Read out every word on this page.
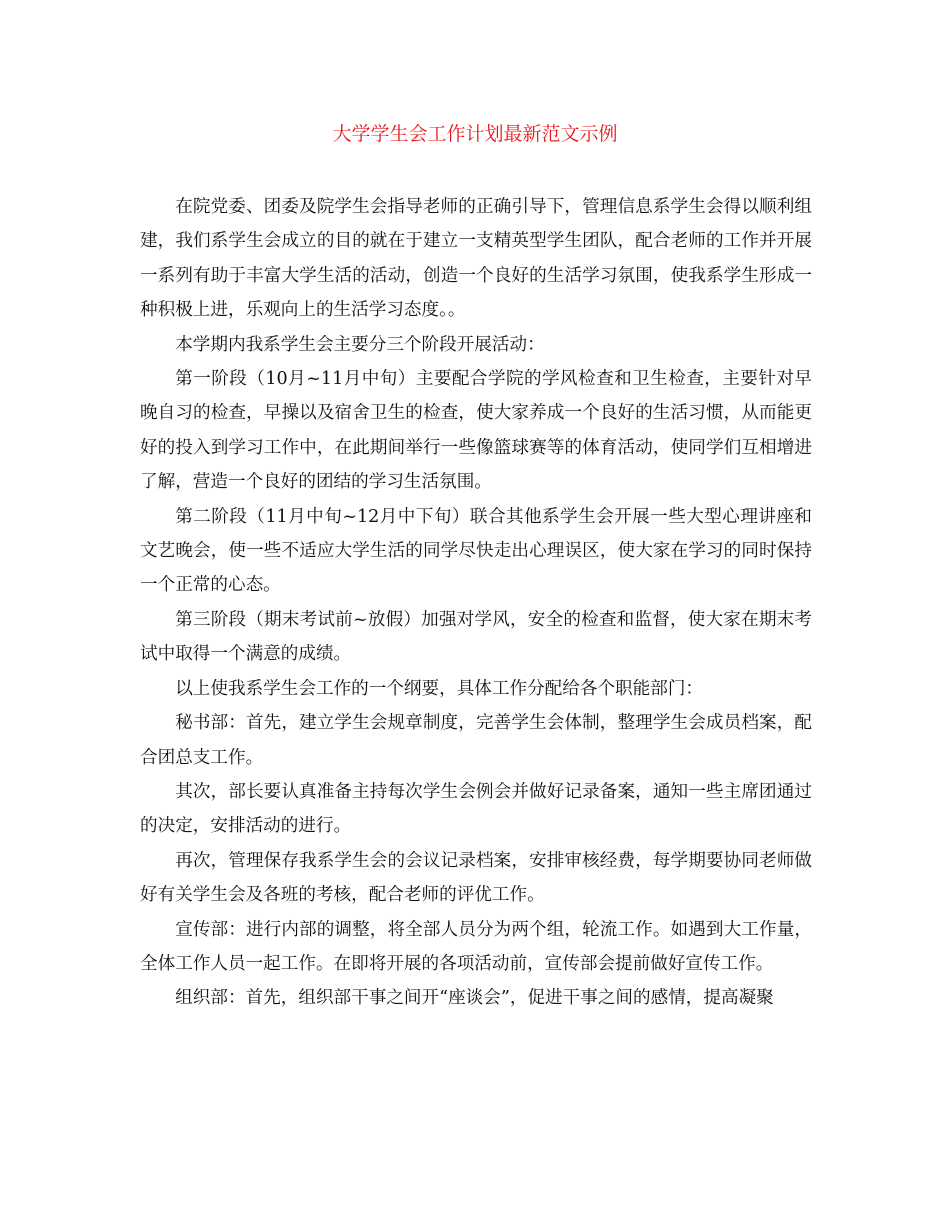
大学学生会工作计划最新范文示例

在院党委、团委及院学生会指导老师的正确引导下，管理信息系学生会得以顺利组建，我们系学生会成立的目的就在于建立一支精英型学生团队，配合老师的工作并开展一系列有助于丰富大学生活的活动，创造一个良好的生活学习氛围，使我系学生形成一种积极上进，乐观向上的生活学习态度。。

本学期内我系学生会主要分三个阶段开展活动：

第一阶段（10月~11月中旬）主要配合学院的学风检查和卫生检查，主要针对早晚自习的检查，早操以及宿舍卫生的检查，使大家养成一个良好的生活习惯，从而能更好的投入到学习工作中，在此期间举行一些像篮球赛等的体育活动，使同学们互相增进了解，营造一个良好的团结的学习生活氛围。

第二阶段（11月中旬~12月中下旬）联合其他系学生会开展一些大型心理讲座和文艺晚会，使一些不适应大学生活的同学尽快走出心理误区，使大家在学习的同时保持一个正常的心态。

第三阶段（期末考试前~放假）加强对学风，安全的检查和监督，使大家在期末考试中取得一个满意的成绩。

以上使我系学生会工作的一个纲要，具体工作分配给各个职能部门：

秘书部：首先，建立学生会规章制度，完善学生会体制，整理学生会成员档案，配合团总支工作。

其次，部长要认真准备主持每次学生会例会并做好记录备案，通知一些主席团通过的决定，安排活动的进行。

再次，管理保存我系学生会的会议记录档案，安排审核经费，每学期要协同老师做好有关学生会及各班的考核，配合老师的评优工作。

宣传部：进行内部的调整，将全部人员分为两个组，轮流工作。如遇到大工作量，全体工作人员一起工作。在即将开展的各项活动前，宣传部会提前做好宣传工作。

组织部：首先，组织部干事之间开“座谈会”，促进干事之间的感情，提高凝聚
